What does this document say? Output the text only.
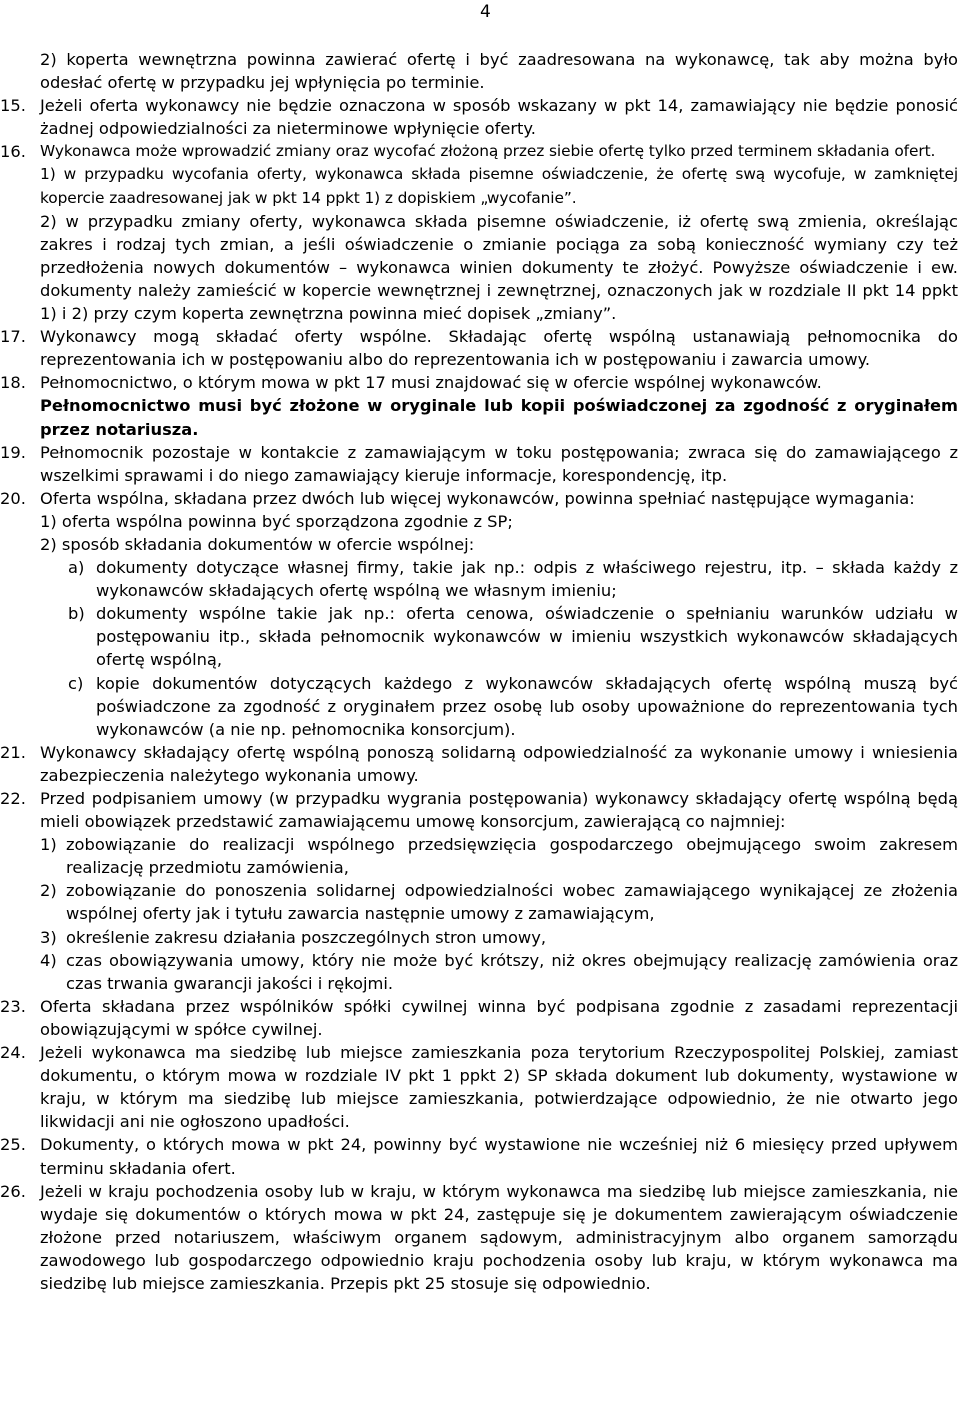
4

2) koperta wewnętrzna powinna zawierać ofertę i być zaadresowana na wykonawcę, tak aby można było odesłać ofertę w przypadku jej wpłynięcia po terminie.

15. Jeżeli oferta wykonawcy nie będzie oznaczona w sposób wskazany w pkt 14, zamawiający nie będzie ponosić żadnej odpowiedzialności za nieterminowe wpłynięcie oferty.

16. Wykonawca może wprowadzić zmiany oraz wycofać złożoną przez siebie ofertę tylko przed terminem składania ofert.

1) w przypadku wycofania oferty, wykonawca składa pisemne oświadczenie, że ofertę swą wycofuje, w zamkniętej kopercie zaadresowanej jak w pkt 14 ppkt 1) z dopiskiem „wycofanie”.

2) w przypadku zmiany oferty, wykonawca składa pisemne oświadczenie, iż ofertę swą zmienia, określając zakres i rodzaj tych zmian, a jeśli oświadczenie o zmianie pociąga za sobą konieczność wymiany czy też przedłożenia nowych dokumentów – wykonawca winien dokumenty te złożyć. Powyższe oświadczenie i ew. dokumenty należy zamieścić w kopercie wewnętrznej i zewnętrznej, oznaczonych jak w rozdziale II pkt 14 ppkt 1) i 2) przy czym koperta zewnętrzna powinna mieć dopisek „zmiany”.

17. Wykonawcy mogą składać oferty wspólne. Składając ofertę wspólną ustanawiają pełnomocnika do reprezentowania ich w postępowaniu albo do reprezentowania ich w postępowaniu i zawarcia umowy.

18. Pełnomocnictwo, o którym mowa w pkt 17 musi znajdować się w ofercie wspólnej wykonawców.

Pełnomocnictwo musi być złożone w oryginale lub kopii poświadczonej za zgodność z oryginałem przez notariusza.

19. Pełnomocnik pozostaje w kontakcie z zamawiającym w toku postępowania; zwraca się do zamawiającego z wszelkimi sprawami i do niego zamawiający kieruje informacje, korespondencję, itp.

20. Oferta wspólna, składana przez dwóch lub więcej wykonawców, powinna spełniać następujące wymagania:

1) oferta wspólna powinna być sporządzona zgodnie z SP;

2) sposób składania dokumentów w ofercie wspólnej:

a) dokumenty dotyczące własnej firmy, takie jak np.: odpis z właściwego rejestru, itp. – składa każdy z wykonawców składających ofertę wspólną we własnym imieniu;

b) dokumenty wspólne takie jak np.: oferta cenowa, oświadczenie o spełnianiu warunków udziału w postępowaniu itp., składa pełnomocnik wykonawców w imieniu wszystkich wykonawców składających ofertę wspólną,

c) kopie dokumentów dotyczących każdego z wykonawców składających ofertę wspólną muszą być poświadczone za zgodność z oryginałem przez osobę lub osoby upoważnione do reprezentowania tych wykonawców (a nie np. pełnomocnika konsorcjum).

21. Wykonawcy składający ofertę wspólną ponoszą solidarną odpowiedzialność za wykonanie umowy i wniesienia zabezpieczenia należytego wykonania umowy.

22. Przed podpisaniem umowy (w przypadku wygrania postępowania) wykonawcy składający ofertę wspólną będą mieli obowiązek przedstawić zamawiającemu umowę konsorcjum, zawierającą co najmniej:

1) zobowiązanie do realizacji wspólnego przedsięwzięcia gospodarczego obejmującego swoim zakresem realizację przedmiotu zamówienia,

2) zobowiązanie do ponoszenia solidarnej odpowiedzialności wobec zamawiającego wynikającej ze złożenia wspólnej oferty jak i tytułu zawarcia następnie umowy z zamawiającym,

3) określenie zakresu działania poszczególnych stron umowy,

4) czas obowiązywania umowy, który nie może być krótszy, niż okres obejmujący realizację zamówienia oraz czas trwania gwarancji jakości i rękojmi.

23. Oferta składana przez wspólników spółki cywilnej winna być podpisana zgodnie z zasadami reprezentacji obowiązującymi w spółce cywilnej.

24. Jeżeli wykonawca ma siedzibę lub miejsce zamieszkania poza terytorium Rzeczypospolitej Polskiej, zamiast dokumentu, o którym mowa w rozdziale IV pkt 1 ppkt 2) SP składa dokument lub dokumenty, wystawione w kraju, w którym ma siedzibę lub miejsce zamieszkania, potwierdzające odpowiednio, że nie otwarto jego likwidacji ani nie ogłoszono upadłości.

25. Dokumenty, o których mowa w pkt 24, powinny być wystawione nie wcześniej niż 6 miesięcy przed upływem terminu składania ofert.

26. Jeżeli w kraju pochodzenia osoby lub w kraju, w którym wykonawca ma siedzibę lub miejsce zamieszkania, nie wydaje się dokumentów o których mowa w pkt 24, zastępuje się je dokumentem zawierającym oświadczenie złożone przed notariuszem, właściwym organem sądowym, administracyjnym albo organem samorządu zawodowego lub gospodarczego odpowiednio kraju pochodzenia osoby lub kraju, w którym wykonawca ma siedzibę lub miejsce zamieszkania. Przepis pkt 25 stosuje się odpowiednio.
